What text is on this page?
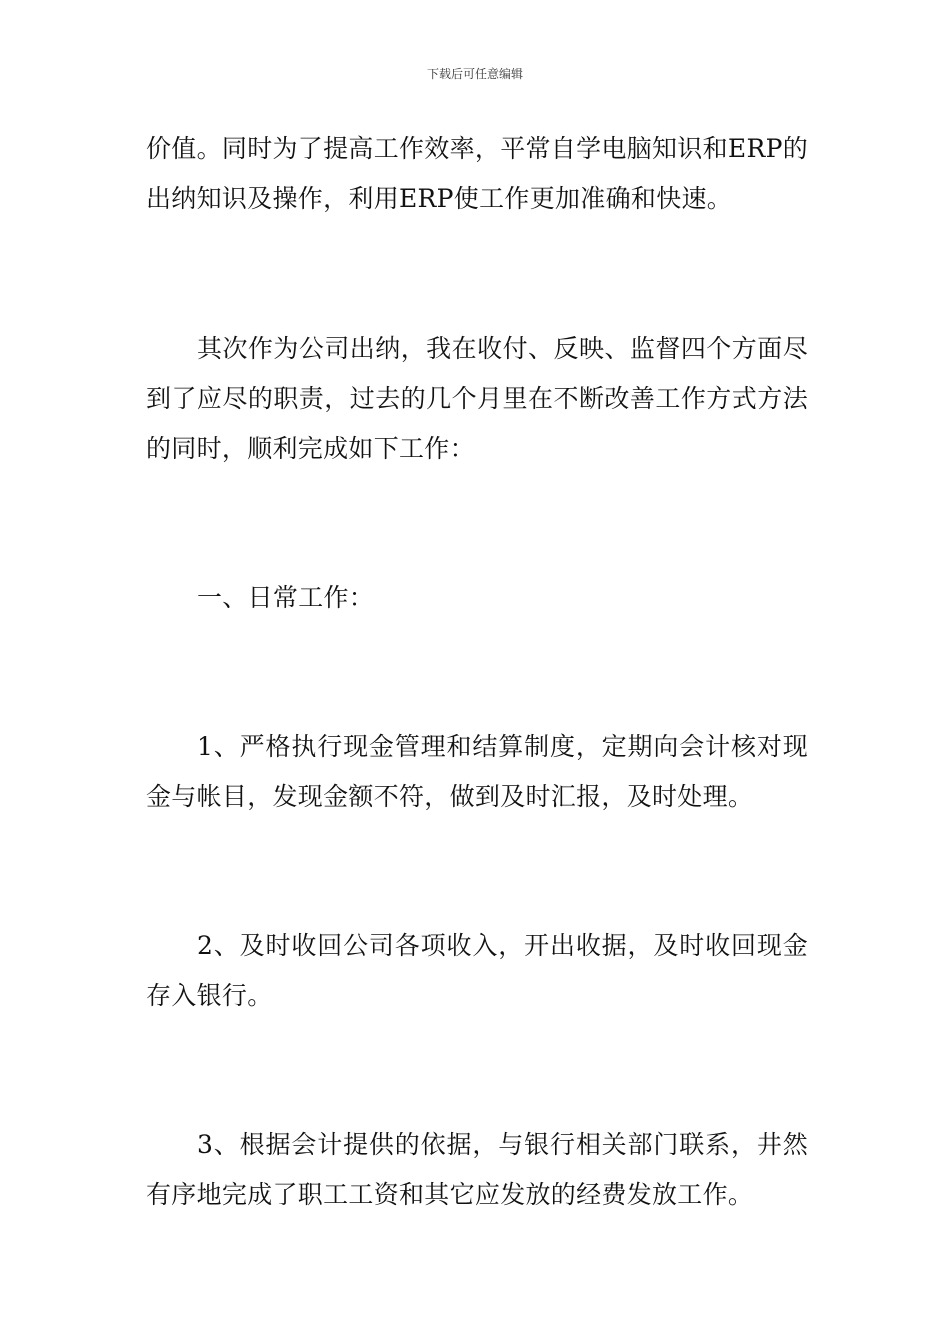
下载后可任意编辑

价值。同时为了提高工作效率，平常自学电脑知识和ERP的出纳知识及操作，利用ERP使工作更加准确和快速。

其次作为公司出纳，我在收付、反映、监督四个方面尽到了应尽的职责，过去的几个月里在不断改善工作方式方法的同时，顺利完成如下工作：

一、日常工作：

1、严格执行现金管理和结算制度，定期向会计核对现金与帐目，发现金额不符，做到及时汇报，及时处理。

2、及时收回公司各项收入，开出收据，及时收回现金存入银行。

3、根据会计提供的依据，与银行相关部门联系，井然有序地完成了职工工资和其它应发放的经费发放工作。
